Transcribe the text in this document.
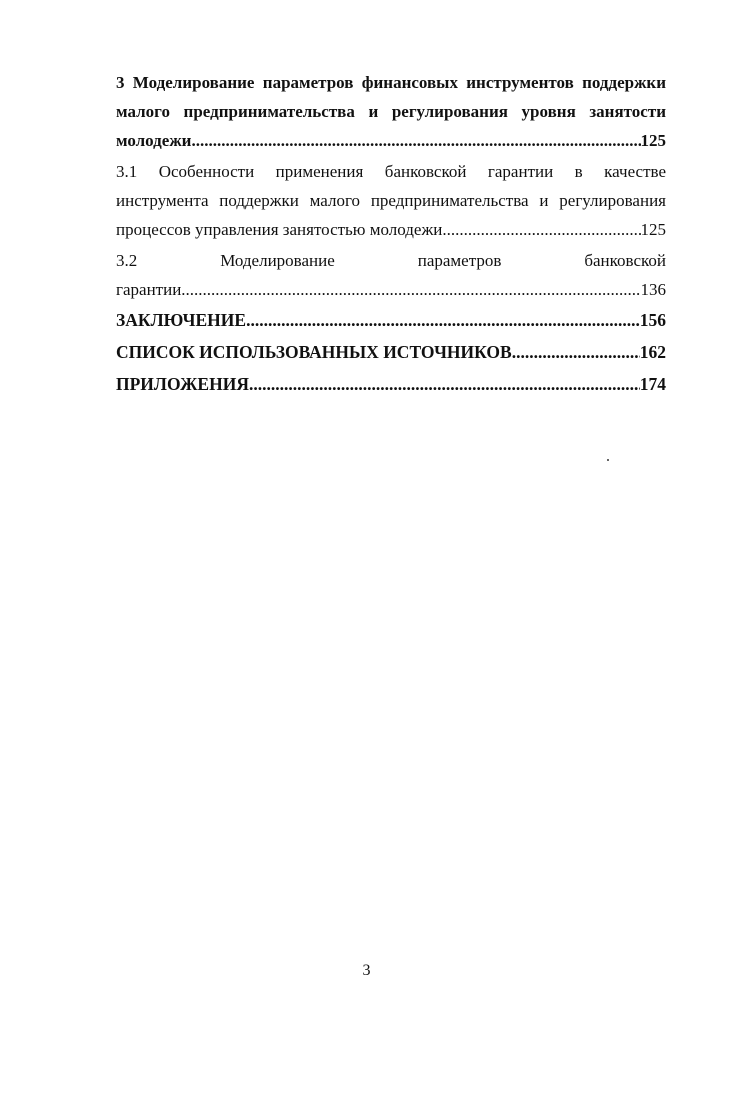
3 Моделирование параметров финансовых инструментов поддержки
малого предпринимательства и регулирования уровня занятости
молодежи .....	125
3.1 Особенности применения банковской гарантии в качестве
инструмента поддержки малого предпринимательства и регулирования
процессов управления занятостью молодежи .....	125
3.2 Моделирование параметров банковской
гарантии .....	136
ЗАКЛЮЧЕНИЕ .....	156
СПИСОК ИСПОЛЬЗОВАННЫХ ИСТОЧНИКОВ .....	162
ПРИЛОЖЕНИЯ .....	174
3
